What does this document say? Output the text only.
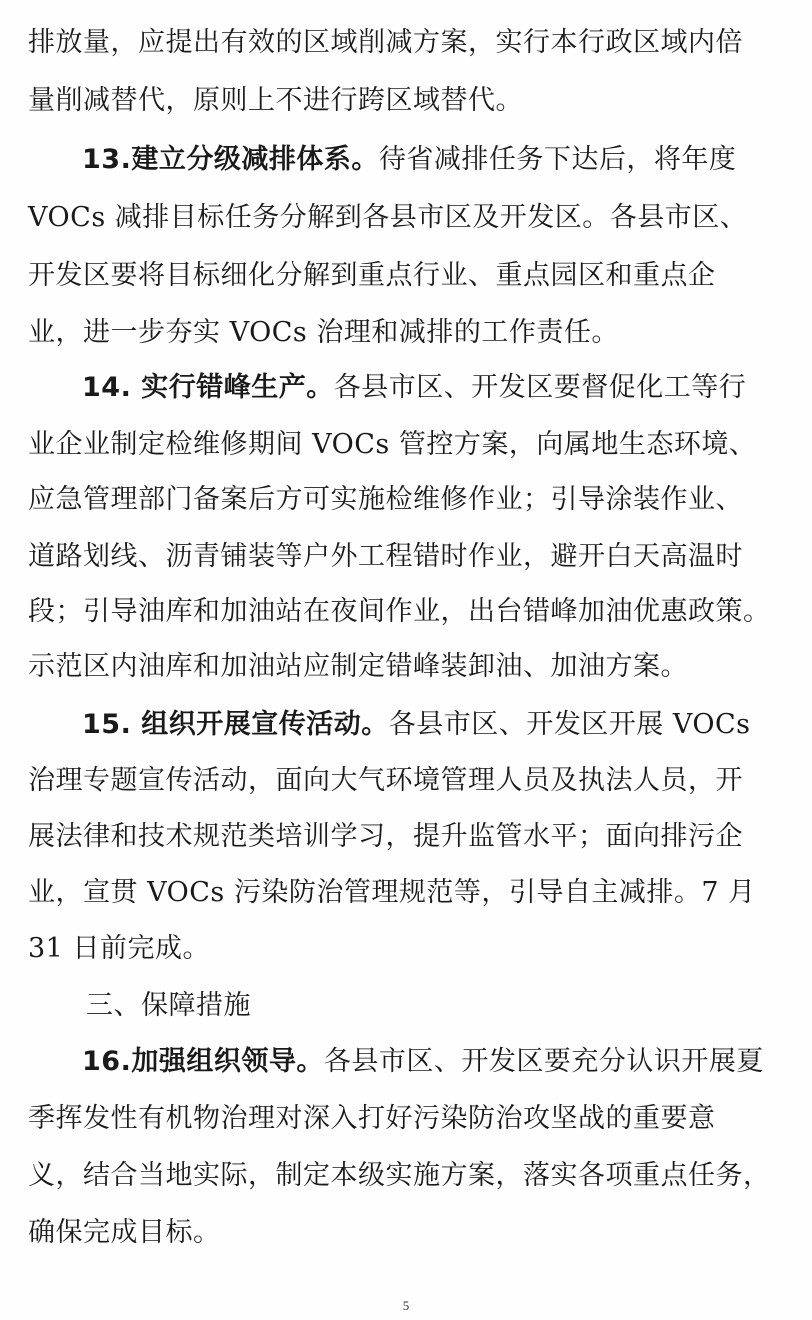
排放量，应提出有效的区域削减方案，实行本行政区域内倍
量削减替代，原则上不进行跨区域替代。
13.建立分级减排体系。待省减排任务下达后，将年度
VOCs 减排目标任务分解到各县市区及开发区。各县市区、
开发区要将目标细化分解到重点行业、重点园区和重点企
业，进一步夯实 VOCs 治理和减排的工作责任。
14. 实行错峰生产。各县市区、开发区要督促化工等行
业企业制定检维修期间 VOCs 管控方案，向属地生态环境、
应急管理部门备案后方可实施检维修作业；引导涂装作业、
道路划线、沥青铺装等户外工程错时作业，避开白天高温时
段；引导油库和加油站在夜间作业，出台错峰加油优惠政策。
示范区内油库和加油站应制定错峰装卸油、加油方案。
15. 组织开展宣传活动。各县市区、开发区开展 VOCs
治理专题宣传活动，面向大气环境管理人员及执法人员，开
展法律和技术规范类培训学习，提升监管水平；面向排污企
业，宣贯 VOCs 污染防治管理规范等，引导自主减排。7 月
31 日前完成。
三、保障措施
16.加强组织领导。各县市区、开发区要充分认识开展夏
季挥发性有机物治理对深入打好污染防治攻坚战的重要意
义，结合当地实际，制定本级实施方案，落实各项重点任务，
确保完成目标。
5
